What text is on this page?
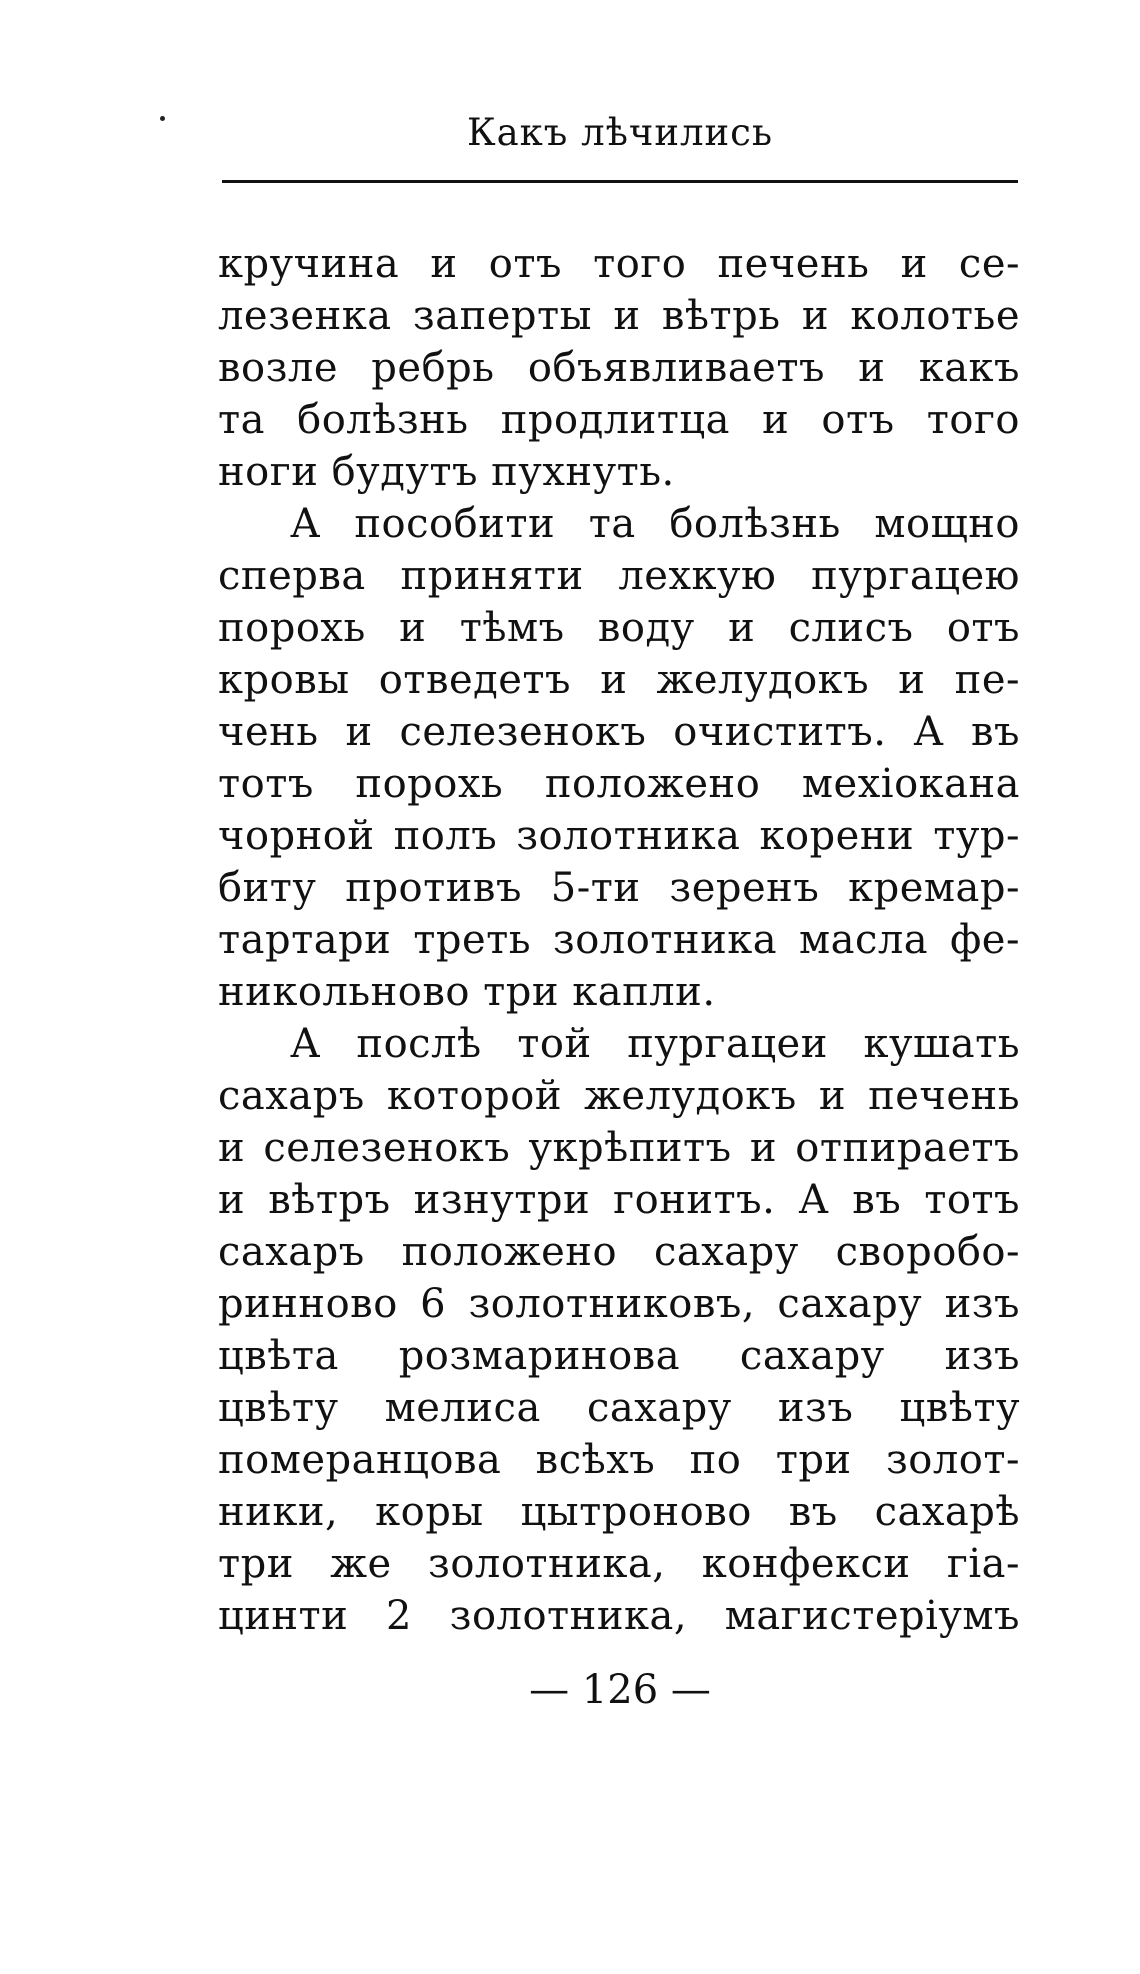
Какъ лѣчились
кручина и отъ того печень и се-
лезенка заперты и вѣтрь и колотье
возле ребрь объявливаетъ и какъ
та болѣзнь продлитца и отъ того
ноги будутъ пухнуть.
А пособити та болѣзнь мощно
сперва приняти лехкую пургацею
порохь и тѣмъ воду и слисъ отъ
кровы отведетъ и желудокъ и пе-
чень и селезенокъ очиститъ. А въ
тотъ порохь положено мехіокана
чорной полъ золотника корени тур-
биту противъ 5-ти зеренъ кремар-
тартари треть золотника масла фе-
никольново три капли.
А послѣ той пургацеи кушать
сахаръ которой желудокъ и печень
и селезенокъ укрѣпитъ и отпираетъ
и вѣтръ изнутри гонитъ. А въ тотъ
сахаръ положено сахару своробо-
риннoво 6 золотниковъ, сахару изъ
цвѣта розмаринова сахару изъ
цвѣту мелиса сахару изъ цвѣту
померанцова всѣхъ по три золот-
ники, коры цытроново въ сахарѣ
три же золотника, конфекси гіа-
цинти 2 золотника, магистеріумъ
— 126 —
